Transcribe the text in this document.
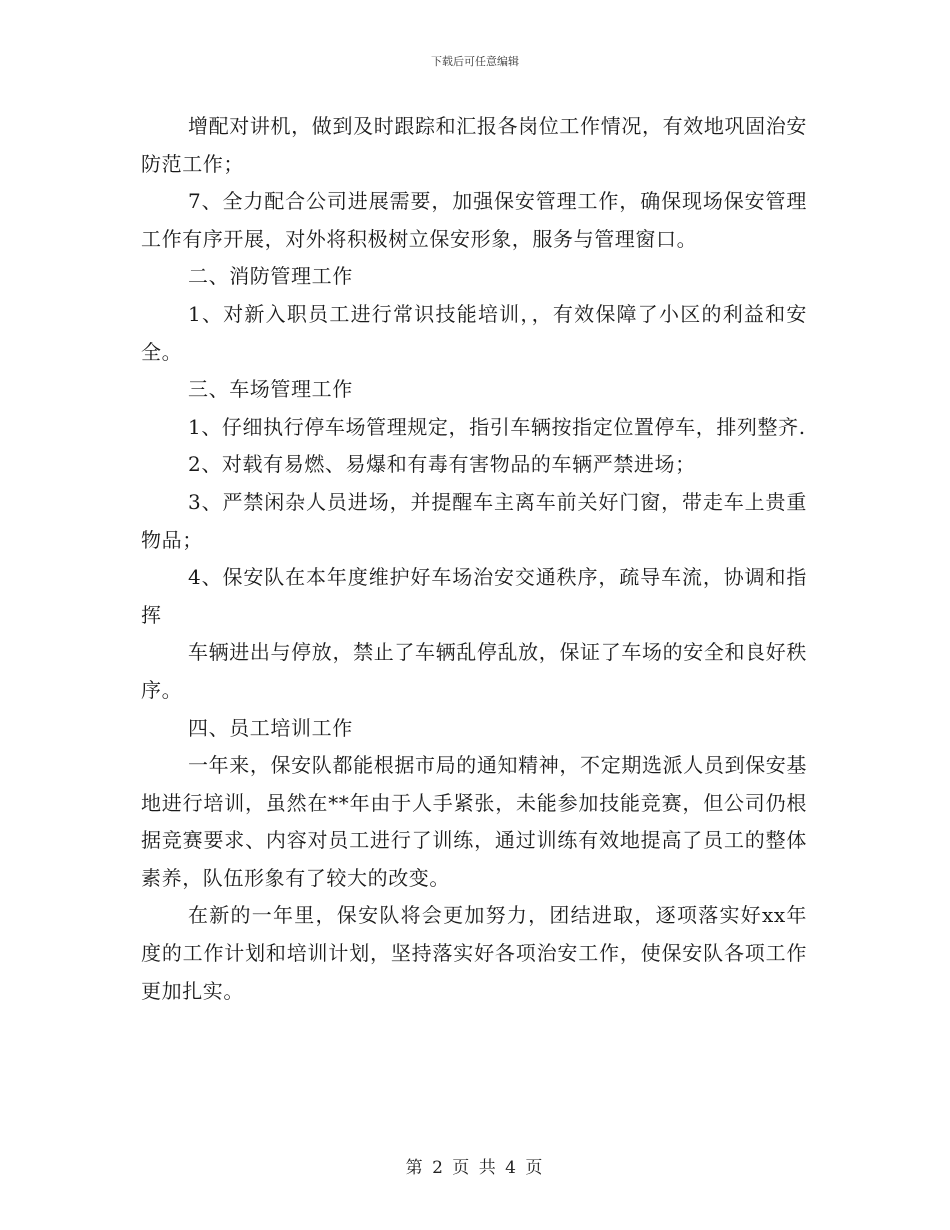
下载后可任意编辑

增配对讲机，做到及时跟踪和汇报各岗位工作情况，有效地巩固治安防范工作；

7、全力配合公司进展需要，加强保安管理工作，确保现场保安管理工作有序开展，对外将积极树立保安形象，服务与管理窗口。

二、消防管理工作

1、对新入职员工进行常识技能培训，，有效保障了小区的利益和安全。

三、车场管理工作

1、仔细执行停车场管理规定，指引车辆按指定位置停车，排列整齐.

2、对载有易燃、易爆和有毒有害物品的车辆严禁进场；

3、严禁闲杂人员进场，并提醒车主离车前关好门窗，带走车上贵重物品；

4、保安队在本年度维护好车场治安交通秩序，疏导车流，协调和指挥

车辆进出与停放，禁止了车辆乱停乱放，保证了车场的安全和良好秩序。

四、员工培训工作

一年来，保安队都能根据市局的通知精神，不定期选派人员到保安基地进行培训，虽然在**年由于人手紧张，未能参加技能竞赛，但公司仍根据竞赛要求、内容对员工进行了训练，通过训练有效地提高了员工的整体素养，队伍形象有了较大的改变。

在新的一年里，保安队将会更加努力，团结进取，逐项落实好xx年度的工作计划和培训计划，坚持落实好各项治安工作，使保安队各项工作更加扎实。

第 2 页 共 4 页
